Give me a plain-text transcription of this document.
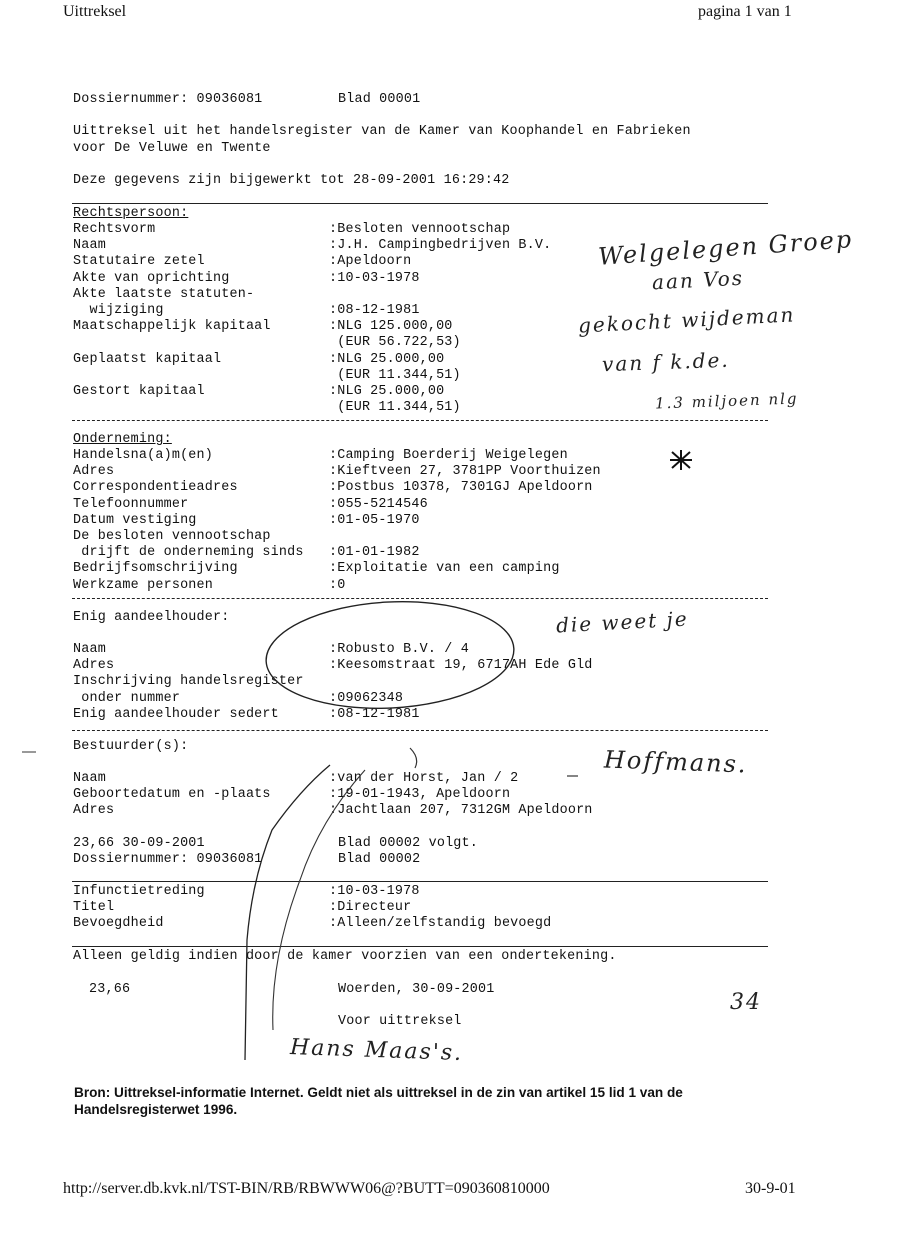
Uittreksel	pagina 1 van 1
Dossiernummer: 09036081	Blad 00001
Uittreksel uit het handelsregister van de Kamer van Koophandel en Fabrieken
voor De Veluwe en Twente
Deze gegevens zijn bijgewerkt tot 28-09-2001 16:29:42
Rechtspersoon:
Rechtsvorm	:Besloten vennootschap
Naam	:J.H. Campingbedrijven B.V.
Statutaire zetel	:Apeldoorn
Akte van oprichting	:10-03-1978
Akte laatste statuten-
wijziging	:08-12-1981
Maatschappelijk kapitaal	:NLG 125.000,00
(EUR 56.722,53)
Geplaatst kapitaal	:NLG 25.000,00
(EUR 11.344,51)
Gestort kapitaal	:NLG 25.000,00
(EUR 11.344,51)
Onderneming:
Handelsna(a)m(en)	:Camping Boerderij Weigelegen
Adres	:Kieftveen 27, 3781PP Voorthuizen
Correspondentieadres	:Postbus 10378, 7301GJ Apeldoorn
Telefoonnummer	:055-5214546
Datum vestiging	:01-05-1970
De besloten vennootschap
drijft de onderneming sinds :01-01-1982
Bedrijfsomschrijving	:Exploitatie van een camping
Werkzame personen	:0
Enig aandeelhouder:
Naam	:Robusto B.V. / 4
Adres	:Keesomstraat 19, 6717AH Ede Gld
Inschrijving handelsregister
onder nummer	:09062348
Enig aandeelhouder sedert	:08-12-1981
Bestuurder(s):
Naam	:van der Horst, Jan / 2
Geboortedatum en -plaats	:19-01-1943, Apeldoorn
Adres	:Jachtlaan 207, 7312GM Apeldoorn
23,66 30-09-2001	Blad 00002 volgt.
Dossiernummer: 09036081	Blad 00002
Infunctietreding	:10-03-1978
Titel	:Directeur
Bevoegdheid	:Alleen/zelfstandig bevoegd
Alleen geldig indien door de kamer voorzien van een ondertekening.
23,66	Woerden, 30-09-2001
Voor uittreksel
Bron: Uittreksel-informatie Internet. Geldt niet als uittreksel in de zin van artikel 15 lid 1 van de Handelsregisterwet 1996.
http://server.db.kvk.nl/TST-BIN/RB/RBWWW06@?BUTT=090360810000	30-9-01
Welgelegen Groep
aan Vos
gekocht wijdeman
van f k.de.
1.3 miljoen nlg
die weet je
Hoffmans.
34
Hans Maas's.
